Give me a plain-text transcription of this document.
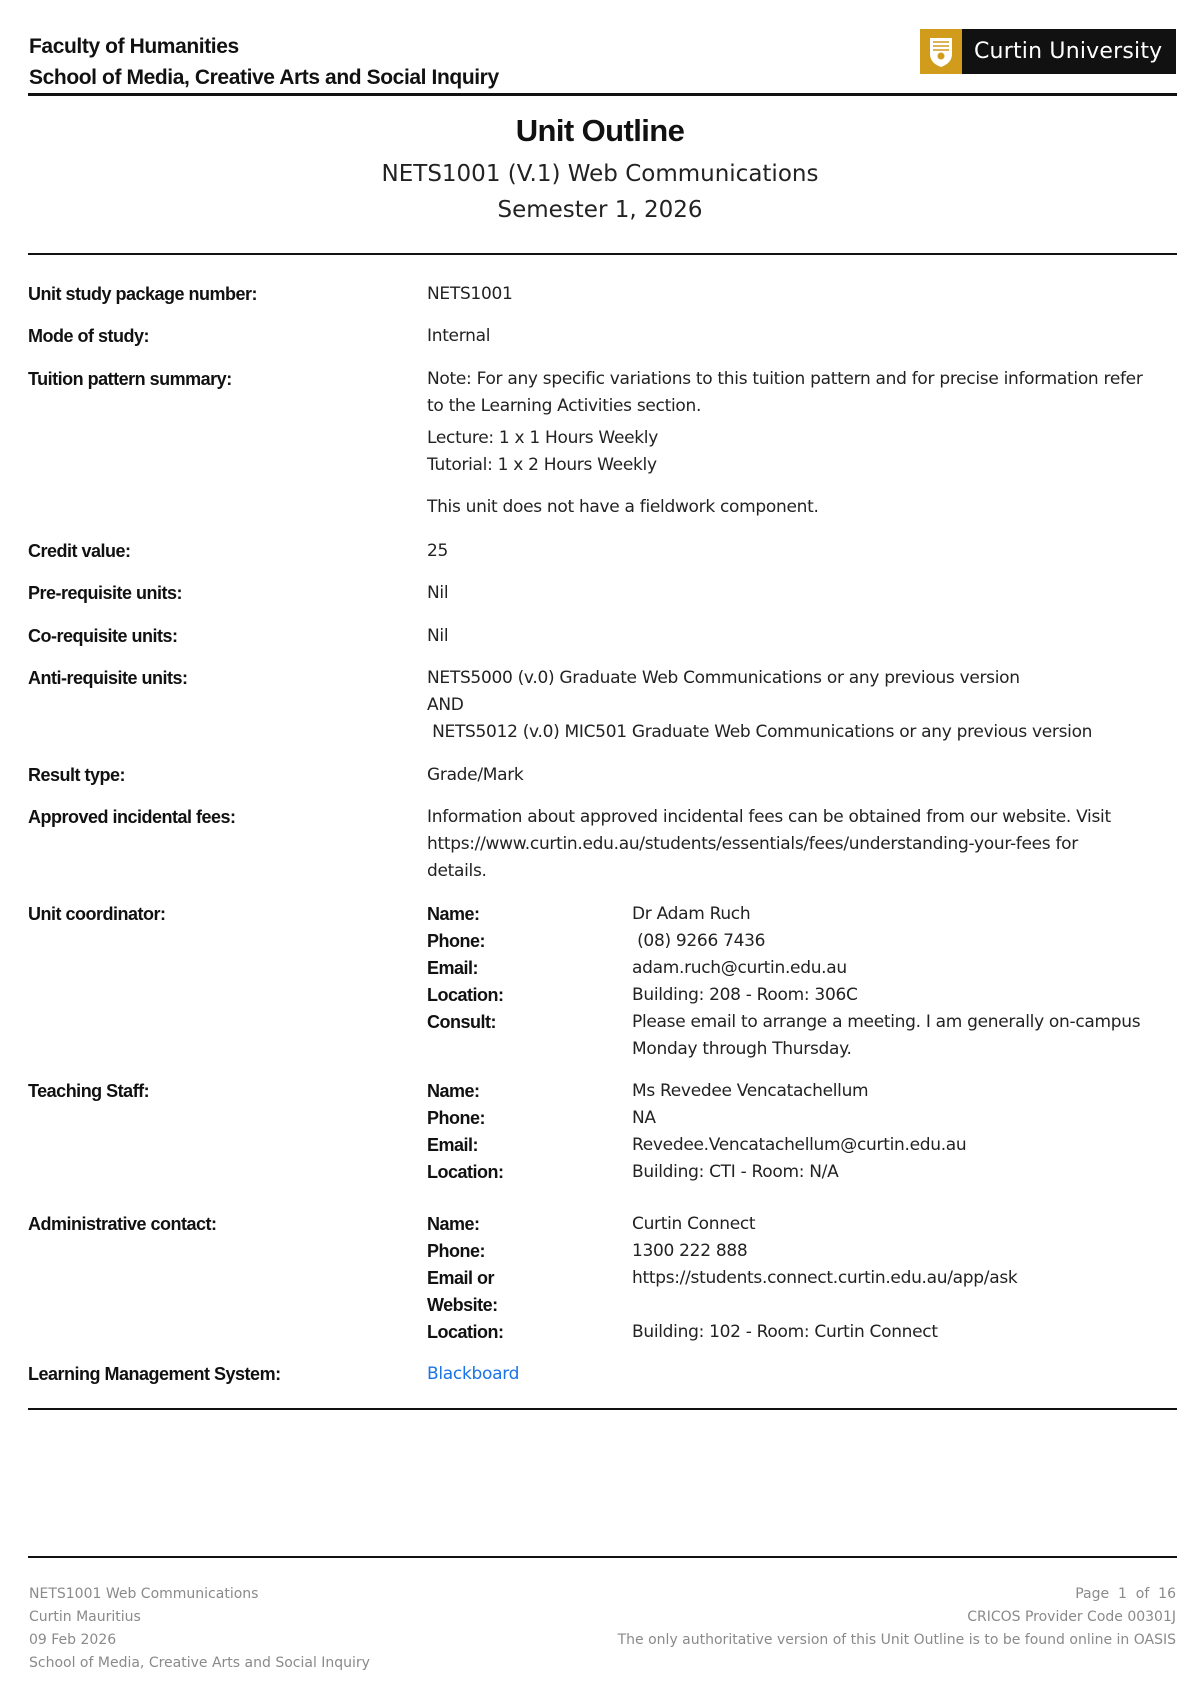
Faculty of Humanities
School of Media, Creative Arts and Social Inquiry
Curtin University
Unit Outline
NETS1001 (V.1) Web Communications
Semester 1, 2026
Unit study package number:	NETS1001
Mode of study:	Internal
Tuition pattern summary:	Note: For any specific variations to this tuition pattern and for precise information refer
to the Learning Activities section.
Lecture: 1 x 1 Hours Weekly
Tutorial: 1 x 2 Hours Weekly
This unit does not have a fieldwork component.
Credit value:	25
Pre-requisite units:	Nil
Co-requisite units:	Nil
Anti-requisite units:	NETS5000 (v.0) Graduate Web Communications or any previous version
AND
NETS5012 (v.0) MIC501 Graduate Web Communications or any previous version
Result type:	Grade/Mark
Approved incidental fees:	Information about approved incidental fees can be obtained from our website. Visit
https://www.curtin.edu.au/students/essentials/fees/understanding-your-fees for
details.
Unit coordinator:	Name:	Dr Adam Ruch
Phone:	(08) 9266 7436
Email:	adam.ruch@curtin.edu.au
Location:	Building: 208 - Room: 306C
Consult:	Please email to arrange a meeting. I am generally on-campus
Monday through Thursday.
Teaching Staff:	Name:	Ms Revedee Vencatachellum
Phone:	NA
Email:	Revedee.Vencatachellum@curtin.edu.au
Location:	Building: CTI - Room: N/A
Administrative contact:	Name:	Curtin Connect
Phone:	1300 222 888
Email or	https://students.connect.curtin.edu.au/app/ask
Website:
Location:	Building: 102 - Room: Curtin Connect
Learning Management System:	Blackboard
NETS1001 Web Communications
Curtin Mauritius
09 Feb 2026
School of Media, Creative Arts and Social Inquiry
Page  1  of  16
CRICOS Provider Code 00301J
The only authoritative version of this Unit Outline is to be found online in OASIS
